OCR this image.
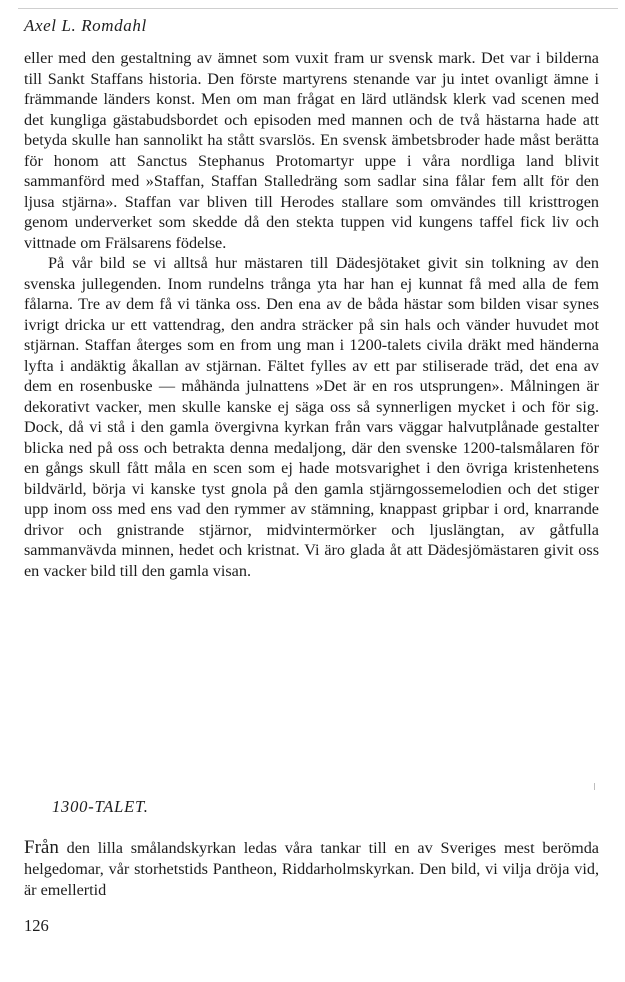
Axel L. Romdahl

eller med den gestaltning av ämnet som vuxit fram ur svensk mark. Det var i bilderna till Sankt Staffans historia. Den förste martyrens stenande var ju intet ovanligt ämne i främmande länders konst. Men om man frågat en lärd utländsk klerk vad scenen med det kungliga gästabudsbordet och episoden med mannen och de två hästarna hade att betyda skulle han sannolikt ha stått svarslös. En svensk ämbetsbroder hade måst berätta för honom att Sanctus Stephanus Protomartyr uppe i våra nordliga land blivit sammanförd med »Staffan, Staffan Stalledräng som sadlar sina fålar fem allt för den ljusa stjärna». Staffan var bliven till Herodes stallare som omvändes till kristtrogen genom underverket som skedde då den stekta tuppen vid kungens taffel fick liv och vittnade om Frälsarens födelse.

På vår bild se vi alltså hur mästaren till Dädesjötaket givit sin tolkning av den svenska jullegenden. Inom rundelns trånga yta har han ej kunnat få med alla de fem fålarna. Tre av dem få vi tänka oss. Den ena av de båda hästar som bilden visar synes ivrigt dricka ur ett vattendrag, den andra sträcker på sin hals och vänder huvudet mot stjärnan. Staffan återges som en from ung man i 1200-talets civila dräkt med händerna lyfta i andäktig åkallan av stjärnan. Fältet fylles av ett par stiliserade träd, det ena av dem en rosenbuske — måhända julnattens »Det är en ros utsprungen». Målningen är dekorativt vacker, men skulle kanske ej säga oss så synnerligen mycket i och för sig. Dock, då vi stå i den gamla övergivna kyrkan från vars väggar halvutplånade gestalter blicka ned på oss och betrakta denna medaljong, där den svenske 1200-talsmålaren för en gångs skull fått måla en scen som ej hade motsvarighet i den övriga kristenhetens bildvärld, börja vi kanske tyst gnola på den gamla stjärngossemelodien och det stiger upp inom oss med ens vad den rymmer av stämning, knappast gripbar i ord, knarrande drivor och gnistrande stjärnor, midvintermörker och ljuslängtan, av gåtfulla sammanvävda minnen, hedet och kristnat. Vi äro glada åt att Dädesjömästaren givit oss en vacker bild till den gamla visan.

1300-TALET.
Från den lilla smålandskyrkan ledas våra tankar till en av Sveriges mest berömda helgedomar, vår storhetstids Pantheon, Riddarholmskyrkan. Den bild, vi vilja dröja vid, är emellertid
126
